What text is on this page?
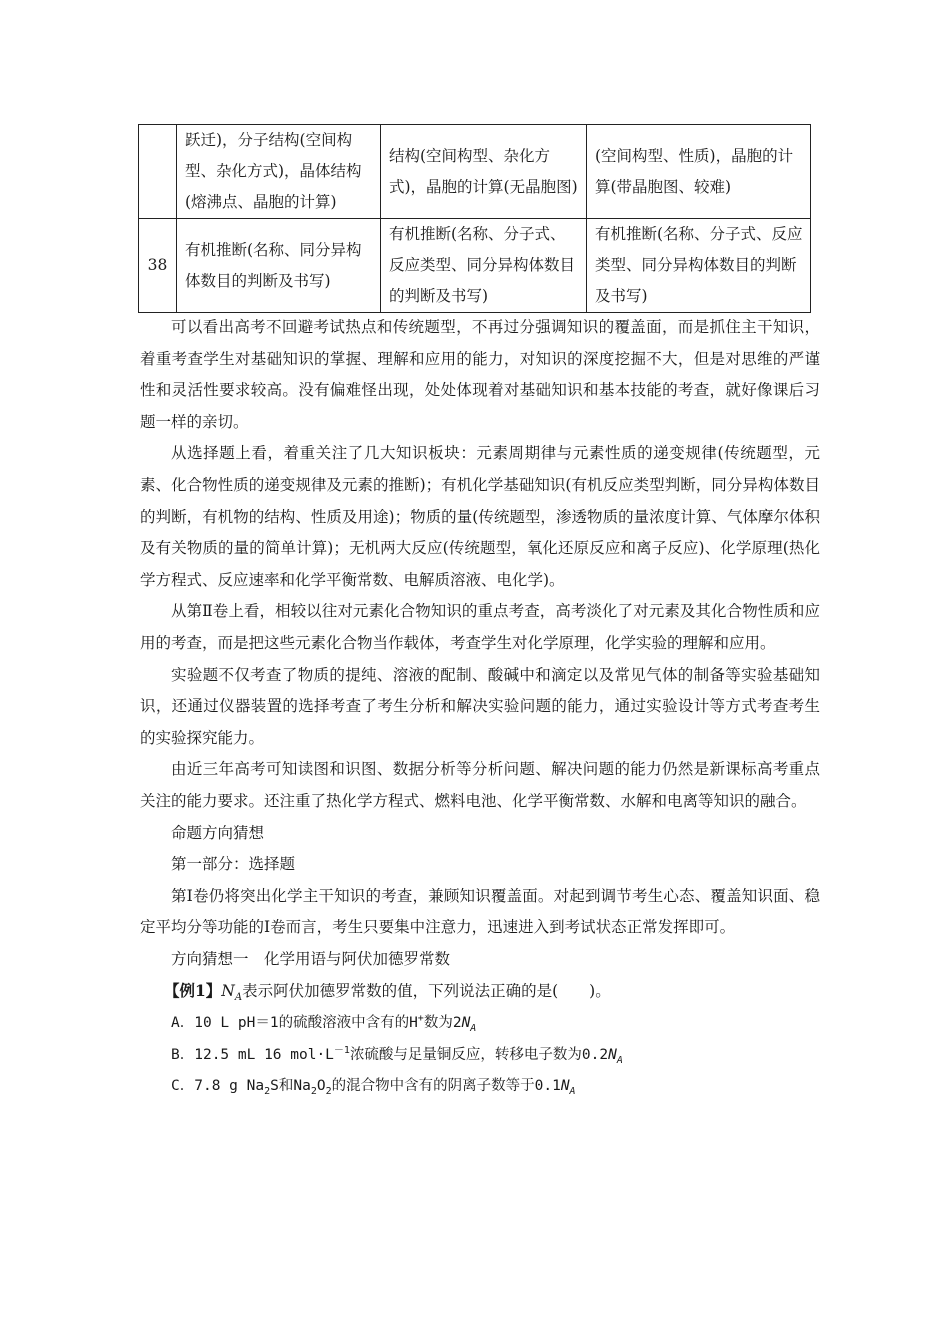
	跃迁)，分子结构(空间构型、杂化方式)，晶体结构(熔沸点、晶胞的计算)	结构(空间构型、杂化方式)，晶胞的计算(无晶胞图)	(空间构型、性质)，晶胞的计算(带晶胞图、较难)
38	有机推断(名称、同分异构体数目的判断及书写)	有机推断(名称、分子式、反应类型、同分异构体数目的判断及书写)	有机推断(名称、分子式、反应类型、同分异构体数目的判断及书写)

可以看出高考不回避考试热点和传统题型，不再过分强调知识的覆盖面，而是抓住主干知识，着重考查学生对基础知识的掌握、理解和应用的能力，对知识的深度挖掘不大，但是对思维的严谨性和灵活性要求较高。没有偏难怪出现，处处体现着对基础知识和基本技能的考查，就好像课后习题一样的亲切。

从选择题上看，着重关注了几大知识板块：元素周期律与元素性质的递变规律(传统题型，元素、化合物性质的递变规律及元素的推断)；有机化学基础知识(有机反应类型判断，同分异构体数目的判断，有机物的结构、性质及用途)；物质的量(传统题型，渗透物质的量浓度计算、气体摩尔体积及有关物质的量的简单计算)；无机两大反应(传统题型，氧化还原反应和离子反应)、化学原理(热化学方程式、反应速率和化学平衡常数、电解质溶液、电化学)。

从第Ⅱ卷上看，相较以往对元素化合物知识的重点考查，高考淡化了对元素及其化合物性质和应用的考查，而是把这些元素化合物当作载体，考查学生对化学原理，化学实验的理解和应用。

实验题不仅考查了物质的提纯、溶液的配制、酸碱中和滴定以及常见气体的制备等实验基础知识，还通过仪器装置的选择考查了考生分析和解决实验问题的能力，通过实验设计等方式考查考生的实验探究能力。

由近三年高考可知读图和识图、数据分析等分析问题、解决问题的能力仍然是新课标高考重点关注的能力要求。还注重了热化学方程式、燃料电池、化学平衡常数、水解和电离等知识的融合。

命题方向猜想

第一部分：选择题

第Ⅰ卷仍将突出化学主干知识的考查，兼顾知识覆盖面。对起到调节考生心态、覆盖知识面、稳定平均分等功能的Ⅰ卷而言，考生只要集中注意力，迅速进入到考试状态正常发挥即可。

方向猜想一　化学用语与阿伏加德罗常数

【例1】$N_A$表示阿伏加德罗常数的值，下列说法正确的是(　　)。

A．10 L pH＝1的硫酸溶液中含有的H+数为$2N_A$

B．12.5 mL 16 $mol\cdot L^{-1}$浓硫酸与足量铜反应，转移电子数为$0.2N_A$

C．7.8 g $Na_2S$和$Na_2O_2$的混合物中含有的阴离子数等于$0.1N_A$
